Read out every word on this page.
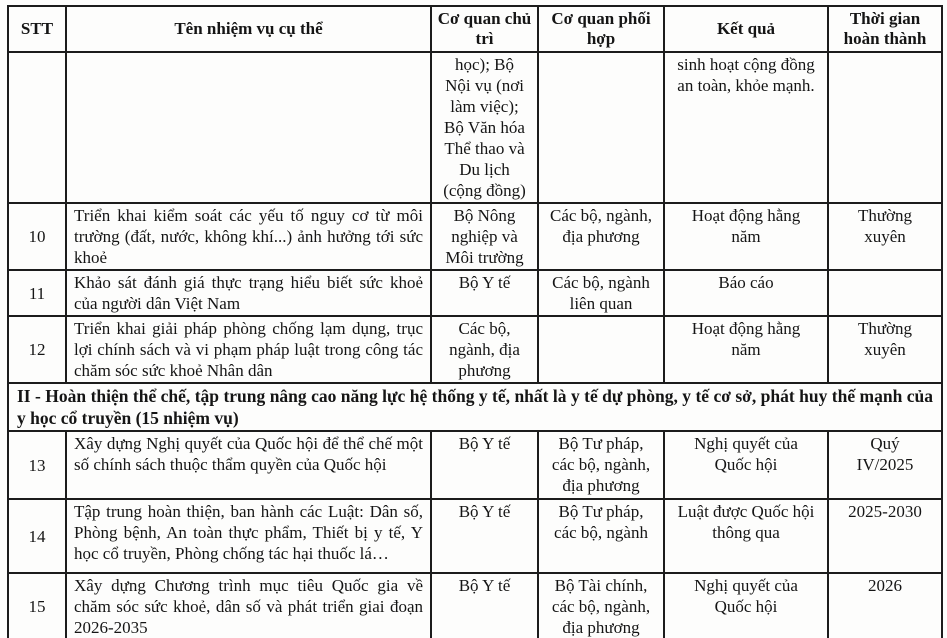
STT	Tên nhiệm vụ cụ thể	Cơ quan chủ trì	Cơ quan phối hợp	Kết quả	Thời gian hoàn thành
		học); Bộ Nội vụ (nơi làm việc); Bộ Văn hóa Thể thao và Du lịch (cộng đồng)		sinh hoạt cộng đồng an toàn, khỏe mạnh.	
10	Triển khai kiểm soát các yếu tố nguy cơ từ môi trường (đất, nước, không khí...) ảnh hưởng tới sức khoẻ	Bộ Nông nghiệp và Môi trường	Các bộ, ngành, địa phương	Hoạt động hằng năm	Thường xuyên
11	Khảo sát đánh giá thực trạng hiểu biết sức khoẻ của người dân Việt Nam	Bộ Y tế	Các bộ, ngành liên quan	Báo cáo	
12	Triển khai giải pháp phòng chống lạm dụng, trục lợi chính sách và vi phạm pháp luật trong công tác chăm sóc sức khoẻ Nhân dân	Các bộ, ngành, địa phương		Hoạt động hằng năm	Thường xuyên
II - Hoàn thiện thể chế, tập trung nâng cao năng lực hệ thống y tế, nhất là y tế dự phòng, y tế cơ sở, phát huy thế mạnh của y học cổ truyền (15 nhiệm vụ)					
13	Xây dựng Nghị quyết của Quốc hội để thể chế một số chính sách thuộc thẩm quyền của Quốc hội	Bộ Y tế	Bộ Tư pháp, các bộ, ngành, địa phương	Nghị quyết của Quốc hội	Quý IV/2025
14	Tập trung hoàn thiện, ban hành các Luật: Dân số, Phòng bệnh, An toàn thực phẩm, Thiết bị y tế, Y học cổ truyền, Phòng chống tác hại thuốc lá…	Bộ Y tế	Bộ Tư pháp, các bộ, ngành	Luật được Quốc hội thông qua	2025-2030
15	Xây dựng Chương trình mục tiêu Quốc gia về chăm sóc sức khoẻ, dân số và phát triển giai đoạn 2026-2035	Bộ Y tế	Bộ Tài chính, các bộ, ngành, địa phương	Nghị quyết của Quốc hội	2026
